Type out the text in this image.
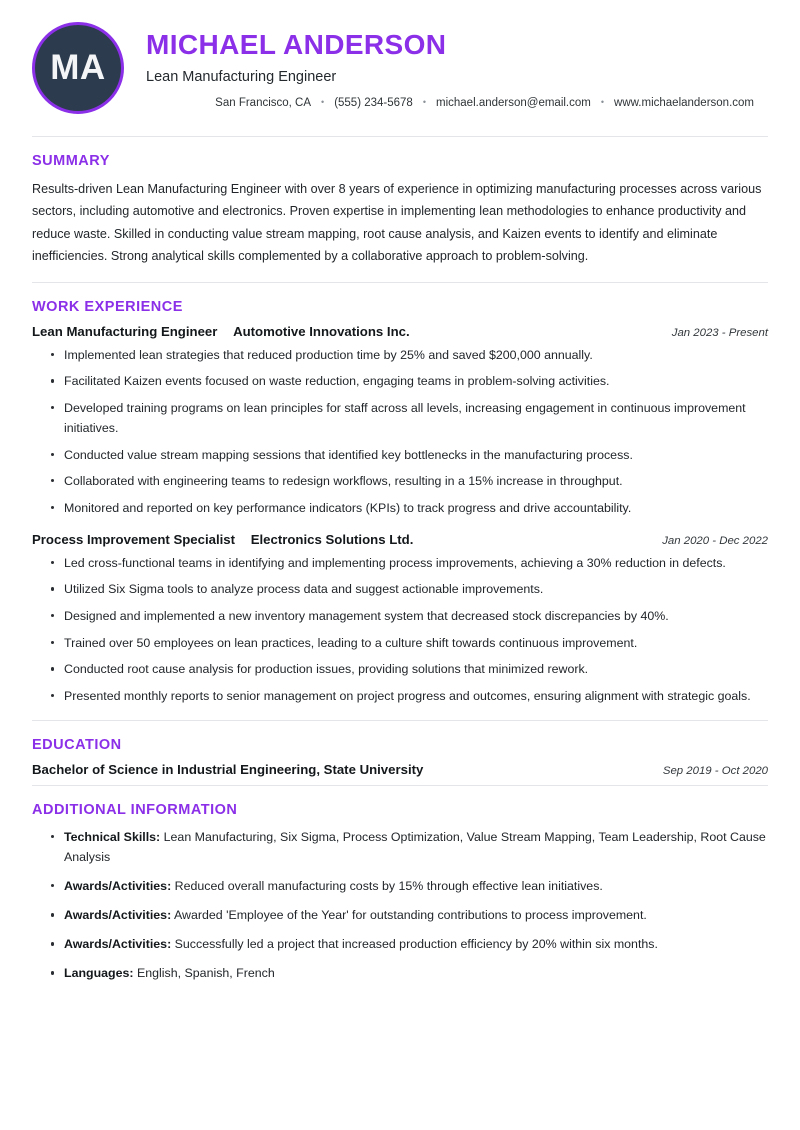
MA
MICHAEL ANDERSON
Lean Manufacturing Engineer
San Francisco, CA • (555) 234-5678 • michael.anderson@email.com • www.michaelanderson.com
SUMMARY

Results-driven Lean Manufacturing Engineer with over 8 years of experience in optimizing manufacturing processes across various sectors, including automotive and electronics. Proven expertise in implementing lean methodologies to enhance productivity and reduce waste. Skilled in conducting value stream mapping, root cause analysis, and Kaizen events to identify and eliminate inefficiencies. Strong analytical skills complemented by a collaborative approach to problem-solving.

WORK EXPERIENCE
Lean Manufacturing Engineer Automotive Innovations Inc.	Jan 2023 - Present
Implemented lean strategies that reduced production time by 25% and saved $200,000 annually.
Facilitated Kaizen events focused on waste reduction, engaging teams in problem-solving activities.
Developed training programs on lean principles for staff across all levels, increasing engagement in continuous improvement initiatives.
Conducted value stream mapping sessions that identified key bottlenecks in the manufacturing process.
Collaborated with engineering teams to redesign workflows, resulting in a 15% increase in throughput.
Monitored and reported on key performance indicators (KPIs) to track progress and drive accountability.
Process Improvement Specialist Electronics Solutions Ltd.	Jan 2020 - Dec 2022
Led cross-functional teams in identifying and implementing process improvements, achieving a 30% reduction in defects.
Utilized Six Sigma tools to analyze process data and suggest actionable improvements.
Designed and implemented a new inventory management system that decreased stock discrepancies by 40%.
Trained over 50 employees on lean practices, leading to a culture shift towards continuous improvement.
Conducted root cause analysis for production issues, providing solutions that minimized rework.
Presented monthly reports to senior management on project progress and outcomes, ensuring alignment with strategic goals.
EDUCATION
Bachelor of Science in Industrial Engineering, State University	Sep 2019 - Oct 2020
ADDITIONAL INFORMATION
Technical Skills: Lean Manufacturing, Six Sigma, Process Optimization, Value Stream Mapping, Team Leadership, Root Cause Analysis
Awards/Activities: Reduced overall manufacturing costs by 15% through effective lean initiatives.
Awards/Activities: Awarded 'Employee of the Year' for outstanding contributions to process improvement.
Awards/Activities: Successfully led a project that increased production efficiency by 20% within six months.
Languages: English, Spanish, French
